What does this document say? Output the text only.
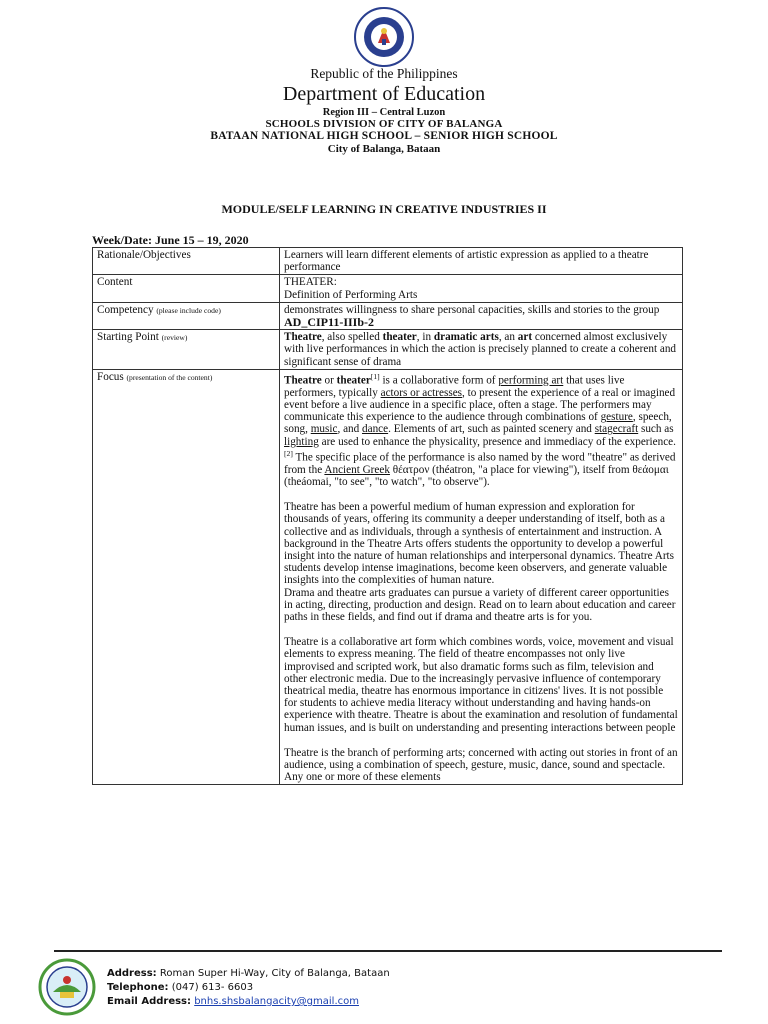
Republic of the Philippines
Department of Education
Region III – Central Luzon
SCHOOLS DIVISION OF CITY OF BALANGA
BATAAN NATIONAL HIGH SCHOOL – SENIOR HIGH SCHOOL
City of Balanga, Bataan
MODULE/SELF LEARNING IN CREATIVE INDUSTRIES II
Week/Date: June 15 – 19, 2020
Rationale/Objectives	Learners will learn different elements of artistic expression as applied to a theatre performance
Content	THEATER:

Definition of Performing Arts

Competency (please include code)	demonstrates willingness to share personal capacities, skills and stories to the group

AD_CIP11-IIIb-2

Starting Point (review)	Theatre, also spelled theater, in dramatic arts, an art concerned almost exclusively with live performances in which the action is precisely planned to create a coherent and significant sense of drama
Focus (presentation of the content)	Theatre or theater[1] is a collaborative form of performing art that uses live performers, typically actors or actresses, to present the experience of a real or imagined event before a live audience in a specific place, often a stage. The performers may communicate this experience to the audience through combinations of gesture, speech, song, music, and dance. Elements of art, such as painted scenery and stagecraft such as lighting are used to enhance the physicality, presence and immediacy of the experience.[2] The specific place of the performance is also named by the word "theatre" as derived from the Ancient Greek θέατρον (théatron, "a place for viewing"), itself from θεάομαι (theáomai, "to see", "to watch", "to observe").

Theatre has been a powerful medium of human expression and exploration for thousands of years, offering its community a deeper understanding of itself, both as a collective and as individuals, through a synthesis of entertainment and instruction. A background in the Theatre Arts offers students the opportunity to develop a powerful insight into the nature of human relationships and interpersonal dynamics. Theatre Arts students develop intense imaginations, become keen observers, and generate valuable insights into the complexities of human nature.

Drama and theatre arts graduates can pursue a variety of different career opportunities in acting, directing, production and design. Read on to learn about education and career paths in these fields, and find out if drama and theatre arts is for you.

Theatre is a collaborative art form which combines words, voice, movement and visual elements to express meaning. The field of theatre encompasses not only live improvised and scripted work, but also dramatic forms such as film, television and other electronic media. Due to the increasingly pervasive influence of contemporary theatrical media, theatre has enormous importance in citizens' lives. It is not possible for students to achieve media literacy without understanding and having hands-on experience with theatre. Theatre is about the examination and resolution of fundamental human issues, and is built on understanding and presenting interactions between people

Theatre is the branch of performing arts; concerned with acting out stories in front of an audience, using a combination of speech, gesture, music, dance, sound and spectacle. Any one or more of these elements

Address: Roman Super Hi-Way, City of Balanga, Bataan
Telephone: (047) 613- 6603
Email Address: bnhs.shsbalangacity@gmail.com
